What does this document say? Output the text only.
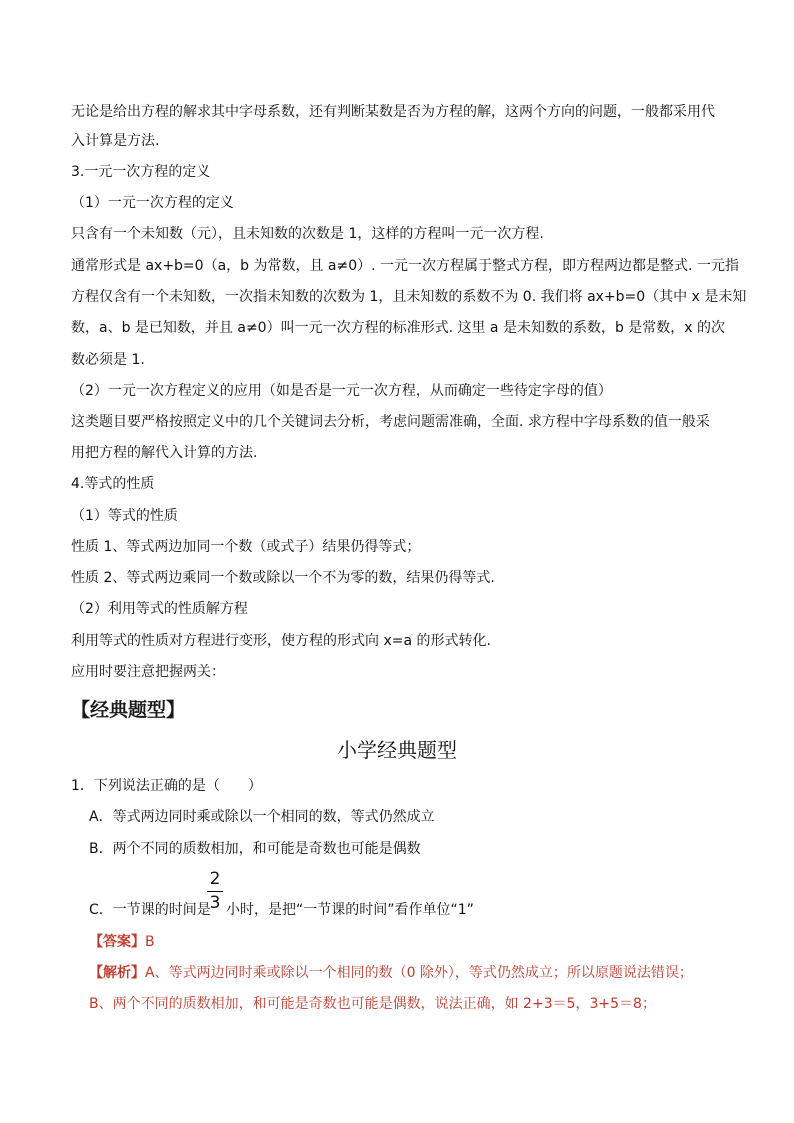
无论是给出方程的解求其中字母系数，还有判断某数是否为方程的解，这两个方向的问题，一般都采用代
入计算是方法.
3.一元一次方程的定义
（1）一元一次方程的定义
只含有一个未知数（元），且未知数的次数是 1，这样的方程叫一元一次方程.
通常形式是 ax+b=0（a，b 为常数，且 a≠0）. 一元一次方程属于整式方程，即方程两边都是整式. 一元指
方程仅含有一个未知数，一次指未知数的次数为 1，且未知数的系数不为 0. 我们将 ax+b=0（其中 x 是未知
数，a、b 是已知数，并且 a≠0）叫一元一次方程的标准形式. 这里 a 是未知数的系数，b 是常数，x 的次
数必须是 1.
（2）一元一次方程定义的应用（如是否是一元一次方程，从而确定一些待定字母的值）
这类题目要严格按照定义中的几个关键词去分析，考虑问题需准确，全面. 求方程中字母系数的值一般采
用把方程的解代入计算的方法.
4.等式的性质
（1）等式的性质
性质 1、等式两边加同一个数（或式子）结果仍得等式；
性质 2、等式两边乘同一个数或除以一个不为零的数，结果仍得等式.
（2）利用等式的性质解方程
利用等式的性质对方程进行变形，使方程的形式向 x=a 的形式转化.
应用时要注意把握两关：
【经典题型】
小学经典题型
1．下列说法正确的是（　　）
A．等式两边同时乘或除以一个相同的数，等式仍然成立
B．两个不同的质数相加，和可能是奇数也可能是偶数
C．一节课的时间是
2
3 小时，是把“一节课的时间”看作单位“1”
【答案】B
【解析】A、等式两边同时乘或除以一个相同的数（0 除外），等式仍然成立；所以原题说法错误；
B、两个不同的质数相加，和可能是奇数也可能是偶数，说法正确，如 2+3＝5，3+5＝8；
